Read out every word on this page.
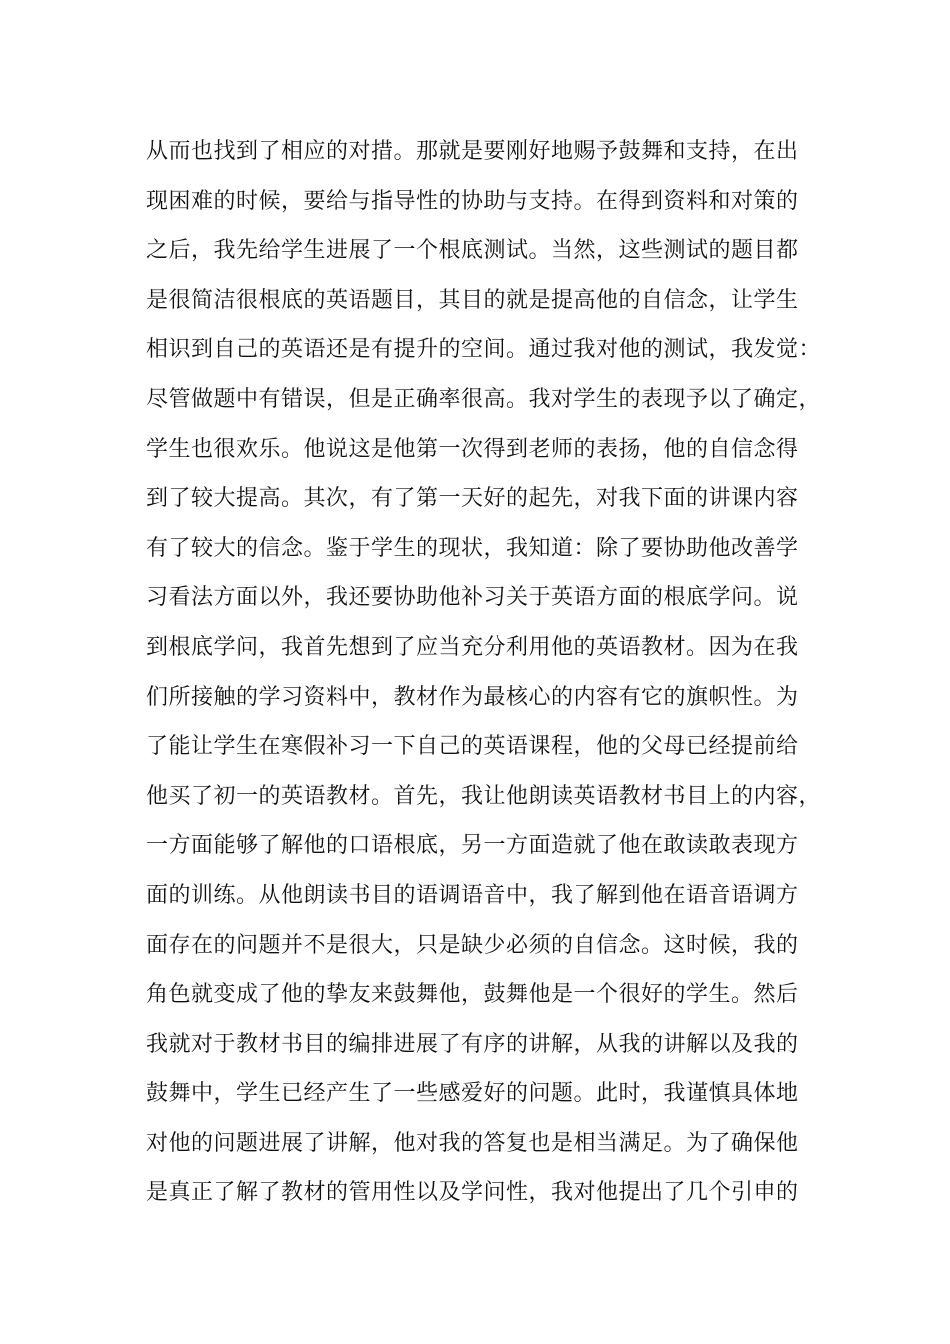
从而也找到了相应的对措。那就是要刚好地赐予鼓舞和支持，在出
现困难的时候，要给与指导性的协助与支持。在得到资料和对策的
之后，我先给学生进展了一个根底测试。当然，这些测试的题目都
是很简洁很根底的英语题目，其目的就是提高他的自信念，让学生
相识到自己的英语还是有提升的空间。通过我对他的测试，我发觉：
尽管做题中有错误，但是正确率很高。我对学生的表现予以了确定，
学生也很欢乐。他说这是他第一次得到老师的表扬，他的自信念得
到了较大提高。其次，有了第一天好的起先，对我下面的讲课内容
有了较大的信念。鉴于学生的现状，我知道：除了要协助他改善学
习看法方面以外，我还要协助他补习关于英语方面的根底学问。说
到根底学问，我首先想到了应当充分利用他的英语教材。因为在我
们所接触的学习资料中，教材作为最核心的内容有它的旗帜性。为
了能让学生在寒假补习一下自己的英语课程，他的父母已经提前给
他买了初一的英语教材。首先，我让他朗读英语教材书目上的内容，
一方面能够了解他的口语根底，另一方面造就了他在敢读敢表现方
面的训练。从他朗读书目的语调语音中，我了解到他在语音语调方
面存在的问题并不是很大，只是缺少必须的自信念。这时候，我的
角色就变成了他的挚友来鼓舞他，鼓舞他是一个很好的学生。然后
我就对于教材书目的编排进展了有序的讲解，从我的讲解以及我的
鼓舞中，学生已经产生了一些感爱好的问题。此时，我谨慎具体地
对他的问题进展了讲解，他对我的答复也是相当满足。为了确保他
是真正了解了教材的管用性以及学问性，我对他提出了几个引申的
